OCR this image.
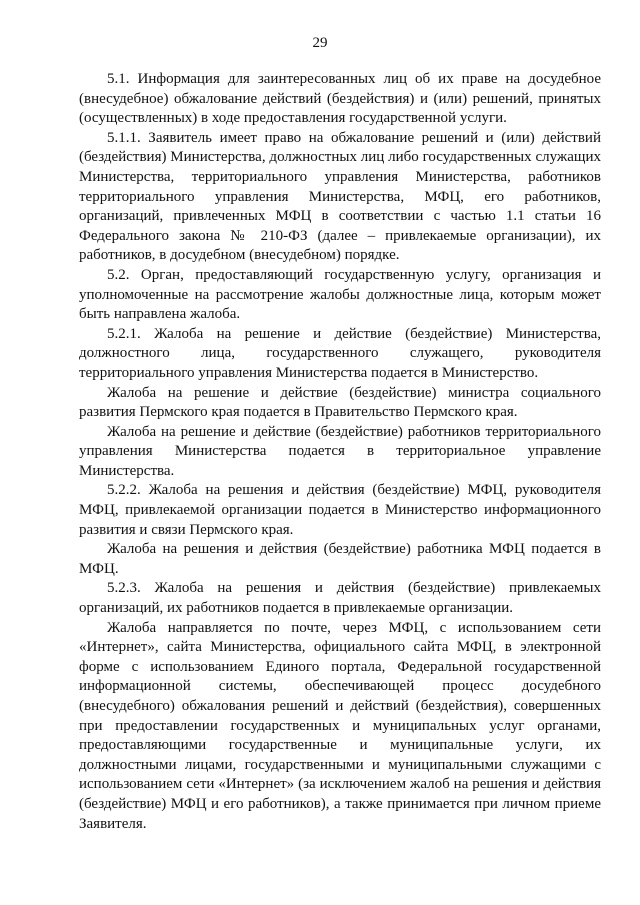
29

5.1. Информация для заинтересованных лиц об их праве на досудебное (внесудебное) обжалование действий (бездействия) и (или) решений, принятых (осуществленных) в ходе предоставления государственной услуги.

5.1.1. Заявитель имеет право на обжалование решений и (или) действий (бездействия) Министерства, должностных лиц либо государственных служащих Министерства, территориального управления Министерства, работников территориального управления Министерства, МФЦ, его работников, организаций, привлеченных МФЦ в соответствии с частью 1.1 статьи 16 Федерального закона № 210-ФЗ (далее – привлекаемые организации), их работников, в досудебном (внесудебном) порядке.

5.2. Орган, предоставляющий государственную услугу, организация и уполномоченные на рассмотрение жалобы должностные лица, которым может быть направлена жалоба.

5.2.1. Жалоба на решение и действие (бездействие) Министерства, должностного лица, государственного служащего, руководителя территориального управления Министерства подается в Министерство.

Жалоба на решение и действие (бездействие) министра социального развития Пермского края подается в Правительство Пермского края.

Жалоба на решение и действие (бездействие) работников территориального управления Министерства подается в территориальное управление Министерства.

5.2.2. Жалоба на решения и действия (бездействие) МФЦ, руководителя МФЦ, привлекаемой организации подается в Министерство информационного развития и связи Пермского края.

Жалоба на решения и действия (бездействие) работника МФЦ подается в МФЦ.

5.2.3. Жалоба на решения и действия (бездействие) привлекаемых организаций, их работников подается в привлекаемые организации.

Жалоба направляется по почте, через МФЦ, с использованием сети «Интернет», сайта Министерства, официального сайта МФЦ, в электронной форме с использованием Единого портала, Федеральной государственной информационной системы, обеспечивающей процесс досудебного (внесудебного) обжалования решений и действий (бездействия), совершенных при предоставлении государственных и муниципальных услуг органами, предоставляющими государственные и муниципальные услуги, их должностными лицами, государственными и муниципальными служащими с использованием сети «Интернет» (за исключением жалоб на решения и действия (бездействие) МФЦ и его работников), а также принимается при личном приеме Заявителя.
